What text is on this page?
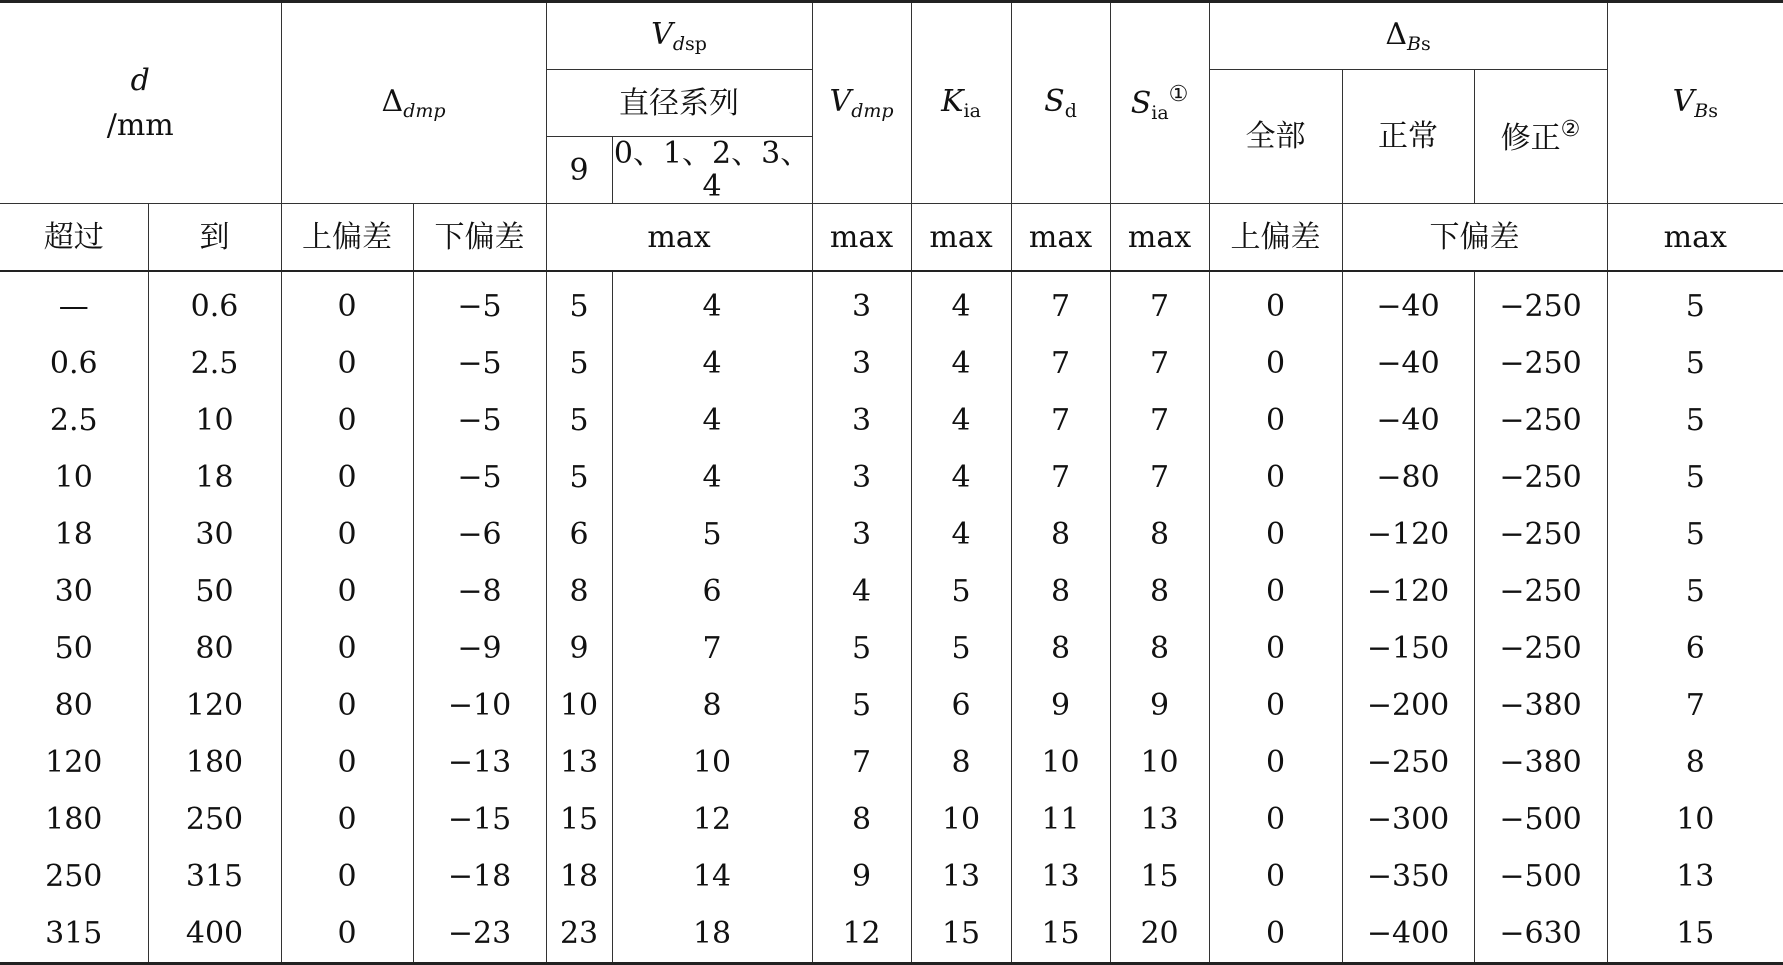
d
/mm		$\Delta_{dmp}$		$V_{dsp}$		$V_{dmp}$	$K_{ia}$	$S_d$	$S_{ia}^①$	$\Delta_{Bs}$			$V_{Bs}$
				直径系列						全部	正常	修正②
				9	0、1、2、3、4								
超过	到	上偏差	下偏差	max		max	max	max	max	上偏差	下偏差		max
—	0.6	0	−5	5	4	3	4	7	7	0	−40	−250	5
0.6	2.5	0	−5	5	4	3	4	7	7	0	−40	−250	5
2.5	10	0	−5	5	4	3	4	7	7	0	−40	−250	5
10	18	0	−5	5	4	3	4	7	7	0	−80	−250	5
18	30	0	−6	6	5	3	4	8	8	0	−120	−250	5
30	50	0	−8	8	6	4	5	8	8	0	−120	−250	5
50	80	0	−9	9	7	5	5	8	8	0	−150	−250	6
80	120	0	−10	10	8	5	6	9	9	0	−200	−380	7
120	180	0	−13	13	10	7	8	10	10	0	−250	−380	8
180	250	0	−15	15	12	8	10	11	13	0	−300	−500	10
250	315	0	−18	18	14	9	13	13	15	0	−350	−500	13
315	400	0	−23	23	18	12	15	15	20	0	−400	−630	15
